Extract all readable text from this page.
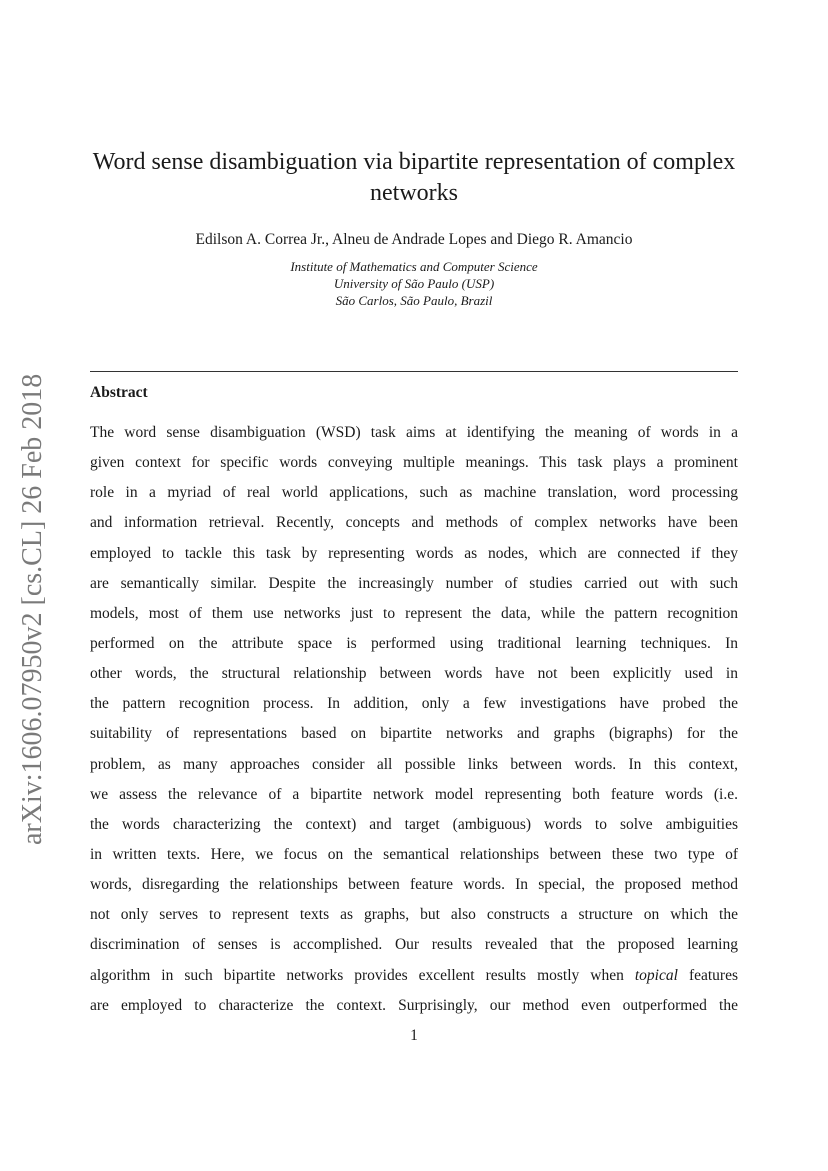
arXiv:1606.07950v2 [cs.CL] 26 Feb 2018
Word sense disambiguation via bipartite representation of complex networks

Edilson A. Correa Jr., Alneu de Andrade Lopes and Diego R. Amancio

Institute of Mathematics and Computer Science
University of São Paulo (USP)
São Carlos, São Paulo, Brazil
Abstract
The word sense disambiguation (WSD) task aims at identifying the meaning of words in a
given context for specific words conveying multiple meanings. This task plays a prominent
role in a myriad of real world applications, such as machine translation, word processing
and information retrieval. Recently, concepts and methods of complex networks have been
employed to tackle this task by representing words as nodes, which are connected if they
are semantically similar. Despite the increasingly number of studies carried out with such
models, most of them use networks just to represent the data, while the pattern recognition
performed on the attribute space is performed using traditional learning techniques. In
other words, the structural relationship between words have not been explicitly used in
the pattern recognition process. In addition, only a few investigations have probed the
suitability of representations based on bipartite networks and graphs (bigraphs) for the
problem, as many approaches consider all possible links between words. In this context,
we assess the relevance of a bipartite network model representing both feature words (i.e.
the words characterizing the context) and target (ambiguous) words to solve ambiguities
in written texts. Here, we focus on the semantical relationships between these two type of
words, disregarding the relationships between feature words. In special, the proposed method
not only serves to represent texts as graphs, but also constructs a structure on which the
discrimination of senses is accomplished. Our results revealed that the proposed learning
algorithm in such bipartite networks provides excellent results mostly when topical features
are employed to characterize the context. Surprisingly, our method even outperformed the
1
